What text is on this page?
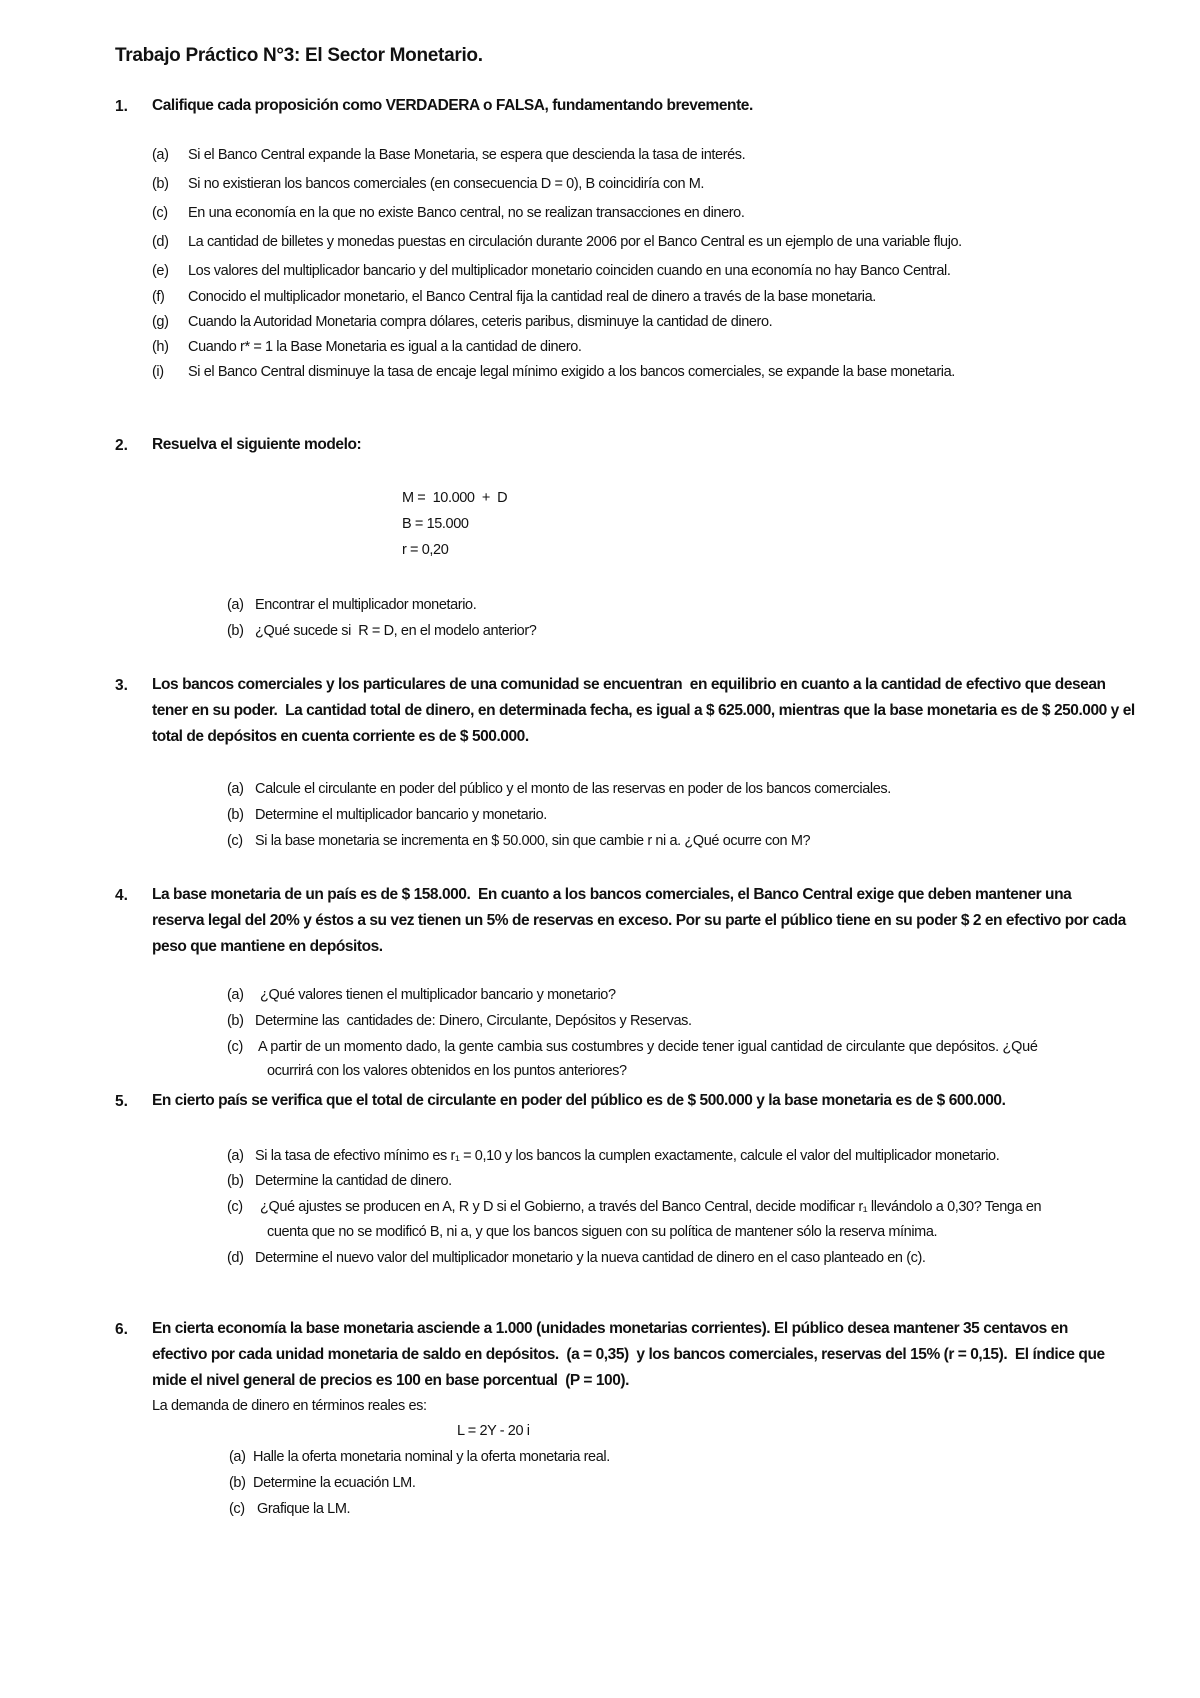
Trabajo Práctico N°3: El Sector Monetario.
1. Califique cada proposición como VERDADERA o FALSA, fundamentando brevemente.
(a) Si el Banco Central expande la Base Monetaria, se espera que descienda la tasa de interés.
(b) Si no existieran los bancos comerciales (en consecuencia D = 0), B coincidiría con M.
(c) En una economía en la que no existe Banco central, no se realizan transacciones en dinero.
(d) La cantidad de billetes y monedas puestas en circulación durante 2006 por el Banco Central es un ejemplo de una variable flujo.
(e) Los valores del multiplicador bancario y del multiplicador monetario coinciden cuando en una economía no hay Banco Central.
(f) Conocido el multiplicador monetario, el Banco Central fija la cantidad real de dinero a través de la base monetaria.
(g) Cuando la Autoridad Monetaria compra dólares, ceteris paribus, disminuye la cantidad de dinero.
(h) Cuando r* = 1 la Base Monetaria es igual a la cantidad de dinero.
(i) Si el Banco Central disminuye la tasa de encaje legal mínimo exigido a los bancos comerciales, se expande la base monetaria.
2. Resuelva el siguiente modelo:
M =  10.000  +  D
B = 15.000
r = 0,20
(a) Encontrar el multiplicador monetario.
(b) ¿Qué sucede si  R = D, en el modelo anterior?
3. Los bancos comerciales y los particulares de una comunidad se encuentran  en equilibrio en cuanto a la cantidad de efectivo que desean
tener en su poder.  La cantidad total de dinero, en determinada fecha, es igual a $ 625.000, mientras que la base monetaria es de $ 250.000 y el
total de depósitos en cuenta corriente es de $ 500.000.
(a) Calcule el circulante en poder del público y el monto de las reservas en poder de los bancos comerciales.
(b) Determine el multiplicador bancario y monetario.
(c) Si la base monetaria se incrementa en $ 50.000, sin que cambie r ni a. ¿Qué ocurre con M?
4. La base monetaria de un país es de $ 158.000.  En cuanto a los bancos comerciales, el Banco Central exige que deben mantener una
reserva legal del 20% y éstos a su vez tienen un 5% de reservas en exceso. Por su parte el público tiene en su poder $ 2 en efectivo por cada
peso que mantiene en depósitos.
(a) ¿Qué valores tienen el multiplicador bancario y monetario?
(b) Determine las  cantidades de: Dinero, Circulante, Depósitos y Reservas.
(c) A partir de un momento dado, la gente cambia sus costumbres y decide tener igual cantidad de circulante que depósitos. ¿Qué
ocurrirá con los valores obtenidos en los puntos anteriores?
5. En cierto país se verifica que el total de circulante en poder del público es de $ 500.000 y la base monetaria es de $ 600.000.
(a) Si la tasa de efectivo mínimo es r₁ = 0,10 y los bancos la cumplen exactamente, calcule el valor del multiplicador monetario.
(b) Determine la cantidad de dinero.
(c) ¿Qué ajustes se producen en A, R y D si el Gobierno, a través del Banco Central, decide modificar r₁ llevándolo a 0,30? Tenga en
cuenta que no se modificó B, ni a, y que los bancos siguen con su política de mantener sólo la reserva mínima.
(d) Determine el nuevo valor del multiplicador monetario y la nueva cantidad de dinero en el caso planteado en (c).
6. En cierta economía la base monetaria asciende a 1.000 (unidades monetarias corrientes). El público desea mantener 35 centavos en
efectivo por cada unidad monetaria de saldo en depósitos.  (a = 0,35)  y los bancos comerciales, reservas del 15% (r = 0,15).  El índice que
mide el nivel general de precios es 100 en base porcentual  (P = 100).
La demanda de dinero en términos reales es:
L = 2Y - 20 i
(a) Halle la oferta monetaria nominal y la oferta monetaria real.
(b) Determine la ecuación LM.
(c) Grafique la LM.
